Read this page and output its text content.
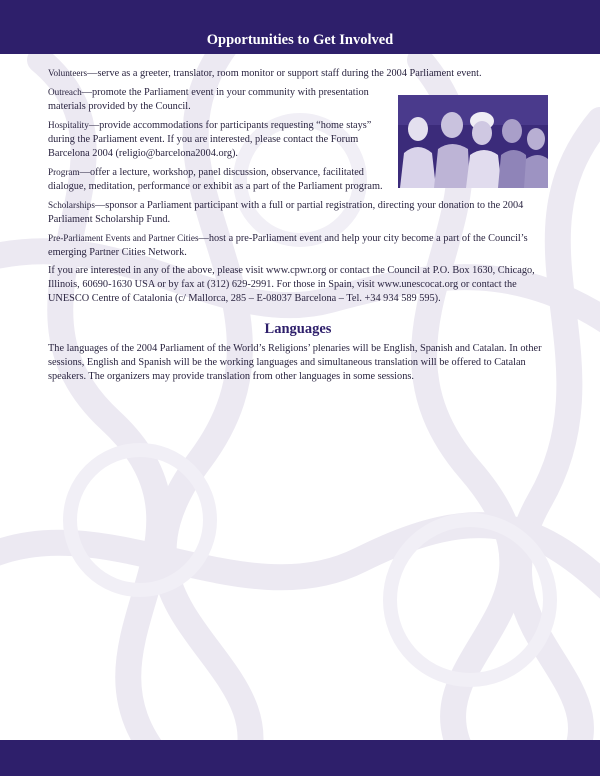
Opportunities to Get Involved

Volunteers—serve as a greeter, translator, room monitor or support staff during the 2004 Parliament event.

Outreach—promote the Parliament event in your community with presentation materials provided by the Council.

Hospitality—provide accommodations for participants requesting “home stays” during the Parliament event. If you are interested, please contact the Forum Barcelona 2004 (religio@barcelona2004.org).

Program—offer a lecture, workshop, panel discussion, observance, facilitated dialogue, meditation, performance or exhibit as a part of the Parliament program.

Scholarships—sponsor a Parliament participant with a full or partial registration, directing your donation to the 2004 Parliament Scholarship Fund.

Pre-Parliament Events and Partner Cities—host a pre-Parliament event and help your city become a part of the Council’s emerging Partner Cities Network.

If you are interested in any of the above, please visit www.cpwr.org or contact the Council at P.O. Box 1630, Chicago, Illinois, 60690-1630 USA or by fax at (312) 629-2991. For those in Spain, visit www.unescocat.org or contact the UNESCO Centre of Catalonia (c/ Mallorca, 285 – E-08037 Barcelona – Tel. +34 934 589 595).

Languages

The languages of the 2004 Parliament of the World’s Religions’ plenaries will be English, Spanish and Catalan. In other sessions, English and Spanish will be the working languages and simultaneous translation will be offered to Catalan speakers. The organizers may provide translation from other languages in some sessions.
